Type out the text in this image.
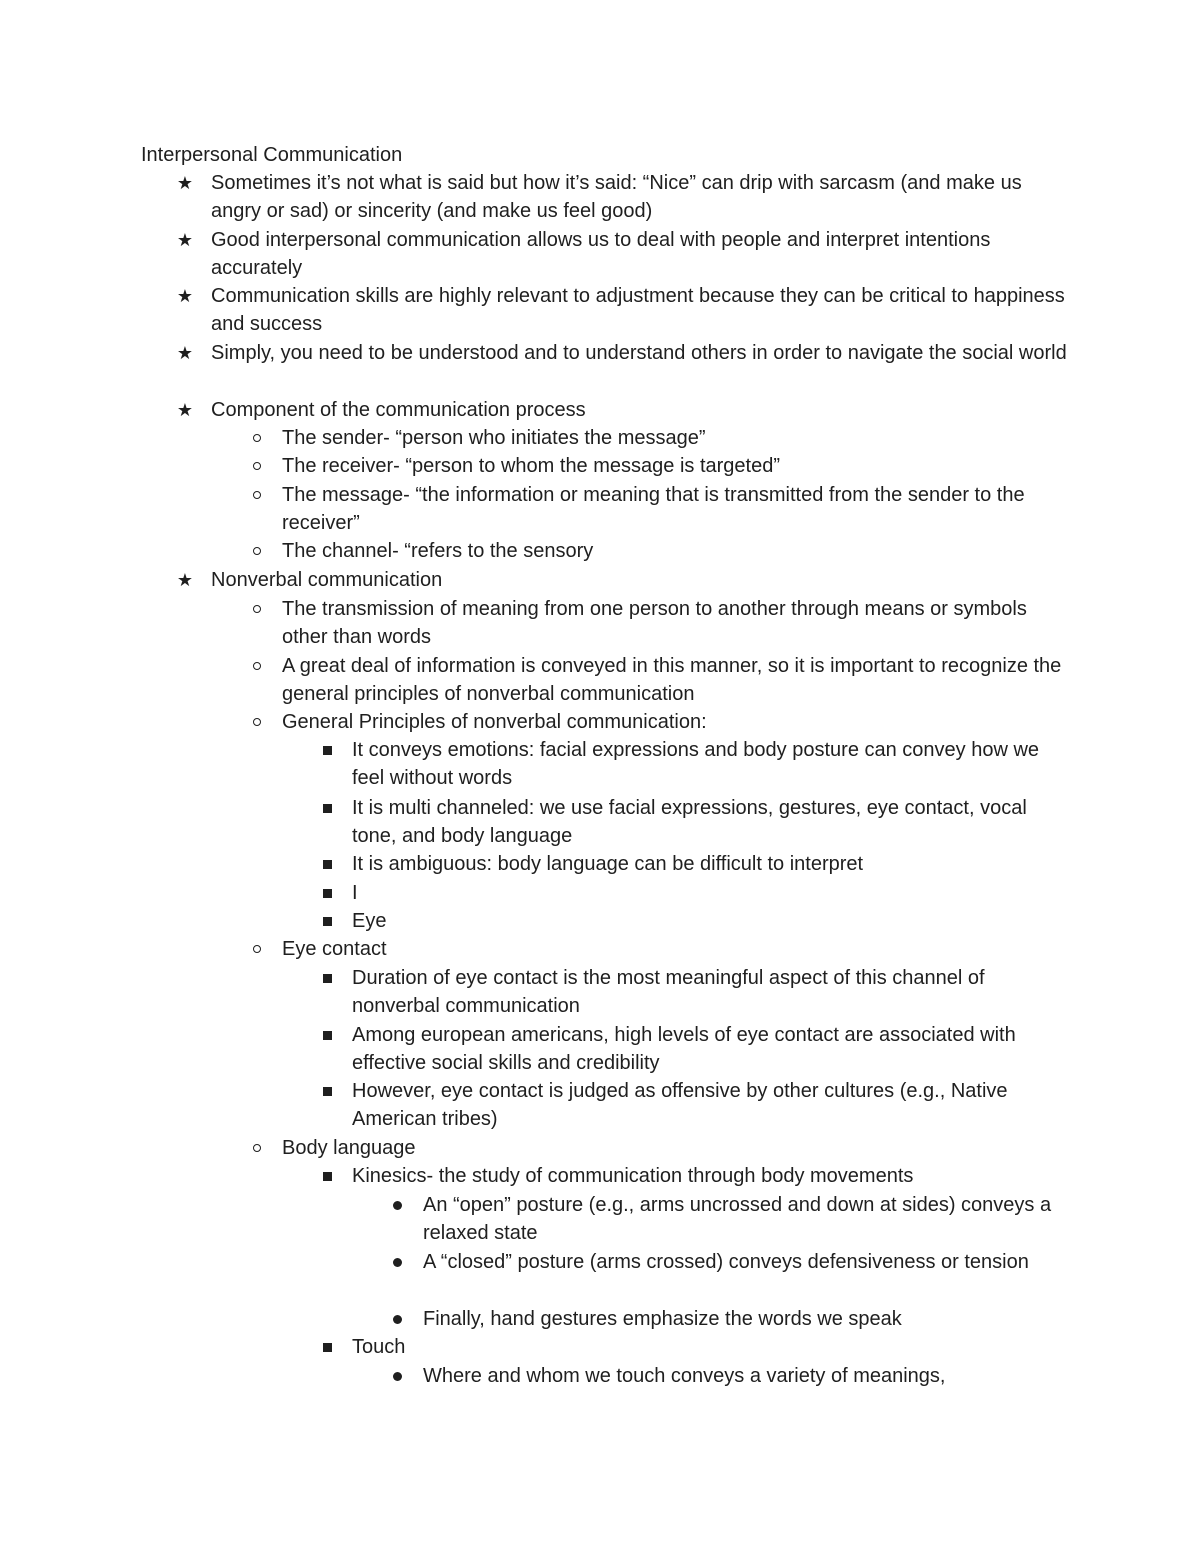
Interpersonal Communication
★ Sometimes it’s not what is said but how it’s said: “Nice” can drip with sarcasm (and make us angry or sad) or sincerity (and make us feel good)
★ Good interpersonal communication allows us to deal with people and interpret intentions accurately
★ Communication skills are highly relevant to adjustment because they can be critical to happiness and success
★ Simply, you need to be understood and to understand others in order to navigate the social world
★ Component of the communication process
The sender- “person who initiates the message”
The receiver- “person to whom the message is targeted”
The message- “the information or meaning that is transmitted from the sender to the receiver”
The channel- “refers to the sensory
★ Nonverbal communication
The transmission of meaning from one person to another through means or symbols other than words
A great deal of information is conveyed in this manner, so it is important to recognize the general principles of nonverbal communication
General Principles of nonverbal communication:
It conveys emotions: facial expressions and body posture can convey how we feel without words
It is multi channeled: we use facial expressions, gestures, eye contact, vocal tone, and body language
It is ambiguous: body language can be difficult to interpret
I
Eye
Eye contact
Duration of eye contact is the most meaningful aspect of this channel of nonverbal communication
Among european americans, high levels of eye contact are associated with effective social skills and credibility
However, eye contact is judged as offensive by other cultures (e.g., Native American tribes)
Body language
Kinesics- the study of communication through body movements
An “open” posture (e.g., arms uncrossed and down at sides) conveys a relaxed state
A “closed” posture (arms crossed) conveys defensiveness or tension
Finally, hand gestures emphasize the words we speak
Touch
Where and whom we touch conveys a variety of meanings,
